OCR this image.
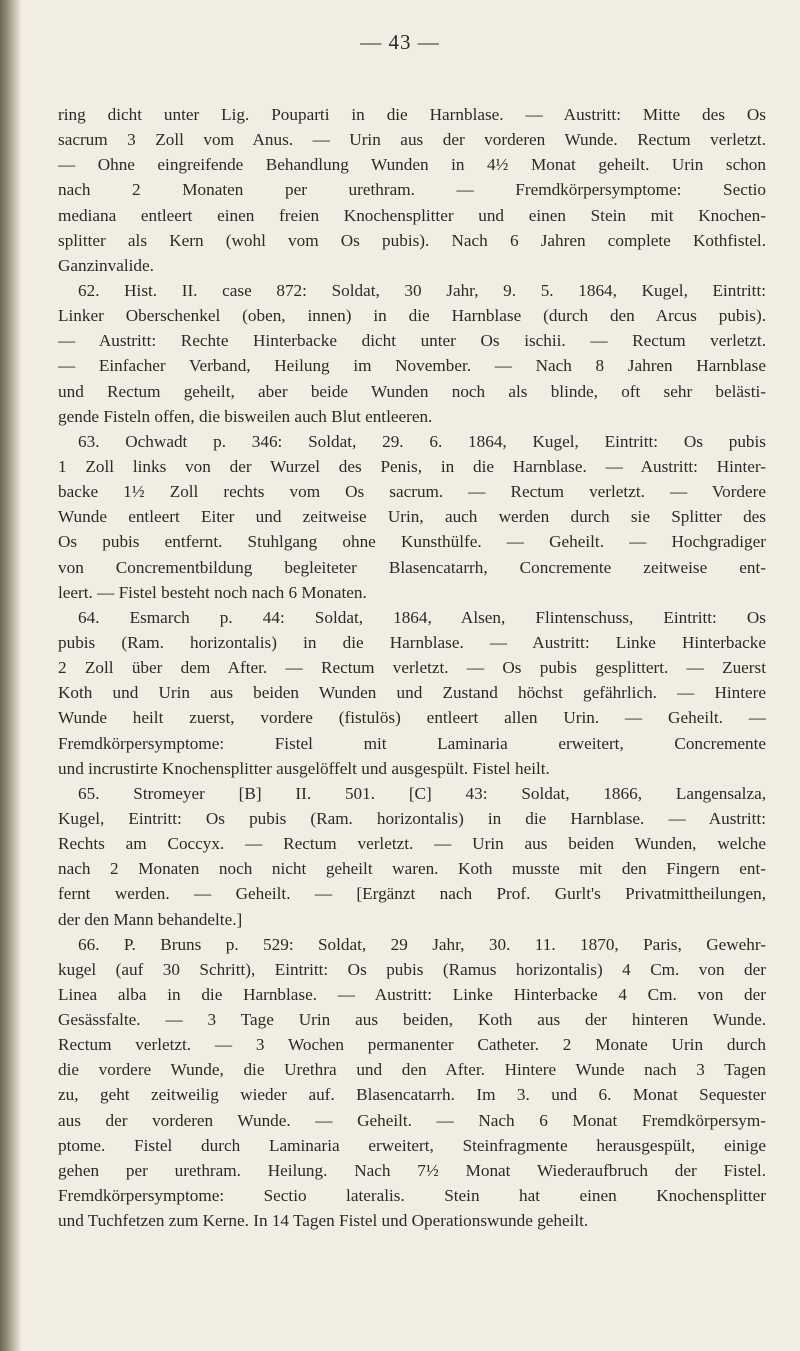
— 43 —
ring dicht unter Lig. Pouparti in die Harnblase. — Austritt: Mitte des Os
sacrum 3 Zoll vom Anus. — Urin aus der vorderen Wunde. Rectum verletzt.
— Ohne eingreifende Behandlung Wunden in 4½ Monat geheilt. Urin schon
nach 2 Monaten per urethram. — Fremdkörpersymptome: Sectio
mediana entleert einen freien Knochensplitter und einen Stein mit Knochen-
splitter als Kern (wohl vom Os pubis). Nach 6 Jahren complete Kothfistel.
Ganzinvalide.
62. Hist. II. case 872: Soldat, 30 Jahr, 9. 5. 1864, Kugel, Eintritt:
Linker Oberschenkel (oben, innen) in die Harnblase (durch den Arcus pubis).
— Austritt: Rechte Hinterbacke dicht unter Os ischii. — Rectum verletzt.
— Einfacher Verband, Heilung im November. — Nach 8 Jahren Harnblase
und Rectum geheilt, aber beide Wunden noch als blinde, oft sehr belästi-
gende Fisteln offen, die bisweilen auch Blut entleeren.
63. Ochwadt p. 346: Soldat, 29. 6. 1864, Kugel, Eintritt: Os pubis
1 Zoll links von der Wurzel des Penis, in die Harnblase. — Austritt: Hinter-
backe 1½ Zoll rechts vom Os sacrum. — Rectum verletzt. — Vordere
Wunde entleert Eiter und zeitweise Urin, auch werden durch sie Splitter des
Os pubis entfernt. Stuhlgang ohne Kunsthülfe. — Geheilt. — Hochgradiger
von Concrementbildung begleiteter Blasencatarrh, Concremente zeitweise ent-
leert. — Fistel besteht noch nach 6 Monaten.
64. Esmarch p. 44: Soldat, 1864, Alsen, Flintenschuss, Eintritt: Os
pubis (Ram. horizontalis) in die Harnblase. — Austritt: Linke Hinterbacke
2 Zoll über dem After. — Rectum verletzt. — Os pubis gesplittert. — Zuerst
Koth und Urin aus beiden Wunden und Zustand höchst gefährlich. — Hintere
Wunde heilt zuerst, vordere (fistulös) entleert allen Urin. — Geheilt. —
Fremdkörpersymptome: Fistel mit Laminaria erweitert, Concremente
und incrustirte Knochensplitter ausgelöffelt und ausgespült. Fistel heilt.
65. Stromeyer [B] II. 501. [C] 43: Soldat, 1866, Langensalza,
Kugel, Eintritt: Os pubis (Ram. horizontalis) in die Harnblase. — Austritt:
Rechts am Coccyx. — Rectum verletzt. — Urin aus beiden Wunden, welche
nach 2 Monaten noch nicht geheilt waren. Koth musste mit den Fingern ent-
fernt werden. — Geheilt. — [Ergänzt nach Prof. Gurlt's Privatmittheilungen,
der den Mann behandelte.]
66. P. Bruns p. 529: Soldat, 29 Jahr, 30. 11. 1870, Paris, Gewehr-
kugel (auf 30 Schritt), Eintritt: Os pubis (Ramus horizontalis) 4 Cm. von der
Linea alba in die Harnblase. — Austritt: Linke Hinterbacke 4 Cm. von der
Gesässfalte. — 3 Tage Urin aus beiden, Koth aus der hinteren Wunde.
Rectum verletzt. — 3 Wochen permanenter Catheter. 2 Monate Urin durch
die vordere Wunde, die Urethra und den After. Hintere Wunde nach 3 Tagen
zu, geht zeitweilig wieder auf. Blasencatarrh. Im 3. und 6. Monat Sequester
aus der vorderen Wunde. — Geheilt. — Nach 6 Monat Fremdkörpersym-
ptome. Fistel durch Laminaria erweitert, Steinfragmente herausgespült, einige
gehen per urethram. Heilung. Nach 7½ Monat Wiederaufbruch der Fistel.
Fremdkörpersymptome: Sectio lateralis. Stein hat einen Knochensplitter
und Tuchfetzen zum Kerne. In 14 Tagen Fistel und Operationswunde geheilt.
